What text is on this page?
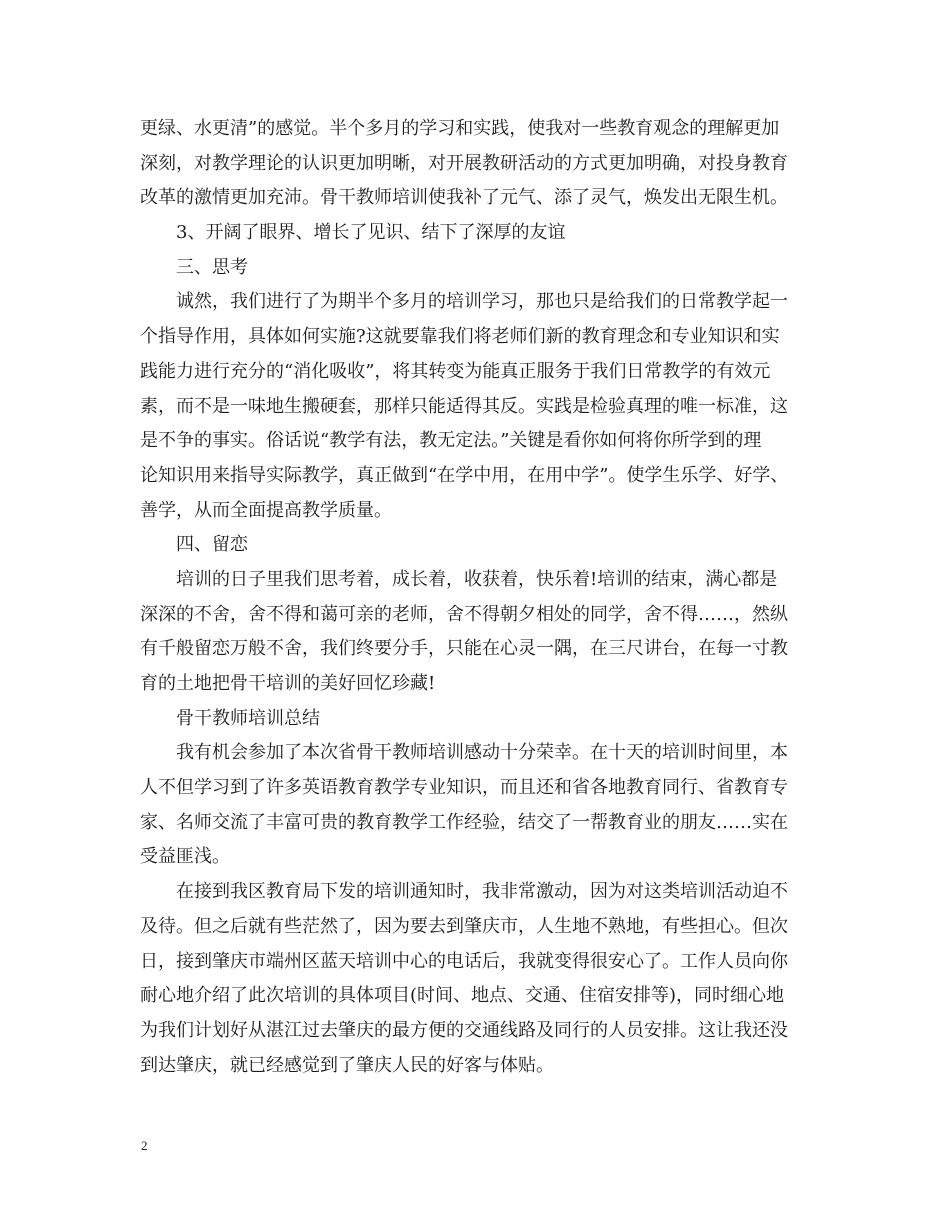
更绿、水更清”的感觉。半个多月的学习和实践，使我对一些教育观念的理解更加
深刻，对教学理论的认识更加明晰，对开展教研活动的方式更加明确，对投身教育
改革的激情更加充沛。骨干教师培训使我补了元气、添了灵气，焕发出无限生机。
3、开阔了眼界、增长了见识、结下了深厚的友谊
三、思考
诚然，我们进行了为期半个多月的培训学习，那也只是给我们的日常教学起一
个指导作用，具体如何实施?这就要靠我们将老师们新的教育理念和专业知识和实
践能力进行充分的“消化吸收”，将其转变为能真正服务于我们日常教学的有效元
素，而不是一味地生搬硬套，那样只能适得其反。实践是检验真理的唯一标准，这
是不争的事实。俗话说“教学有法，教无定法。”关键是看你如何将你所学到的理
论知识用来指导实际教学，真正做到“在学中用，在用中学”。使学生乐学、好学、
善学，从而全面提高教学质量。
四、留恋
培训的日子里我们思考着，成长着，收获着，快乐着!培训的结束，满心都是
深深的不舍，舍不得和蔼可亲的老师，舍不得朝夕相处的同学，舍不得……，然纵
有千般留恋万般不舍，我们终要分手，只能在心灵一隅，在三尺讲台，在每一寸教
育的土地把骨干培训的美好回忆珍藏!
骨干教师培训总结
我有机会参加了本次省骨干教师培训感动十分荣幸。在十天的培训时间里，本
人不但学习到了许多英语教育教学专业知识，而且还和省各地教育同行、省教育专
家、名师交流了丰富可贵的教育教学工作经验，结交了一帮教育业的朋友……实在
受益匪浅。
在接到我区教育局下发的培训通知时，我非常激动，因为对这类培训活动迫不
及待。但之后就有些茫然了，因为要去到肇庆市，人生地不熟地，有些担心。但次
日，接到肇庆市端州区蓝天培训中心的电话后，我就变得很安心了。工作人员向你
耐心地介绍了此次培训的具体项目(时间、地点、交通、住宿安排等)，同时细心地
为我们计划好从湛江过去肇庆的最方便的交通线路及同行的人员安排。这让我还没
到达肇庆，就已经感觉到了肇庆人民的好客与体贴。
2
